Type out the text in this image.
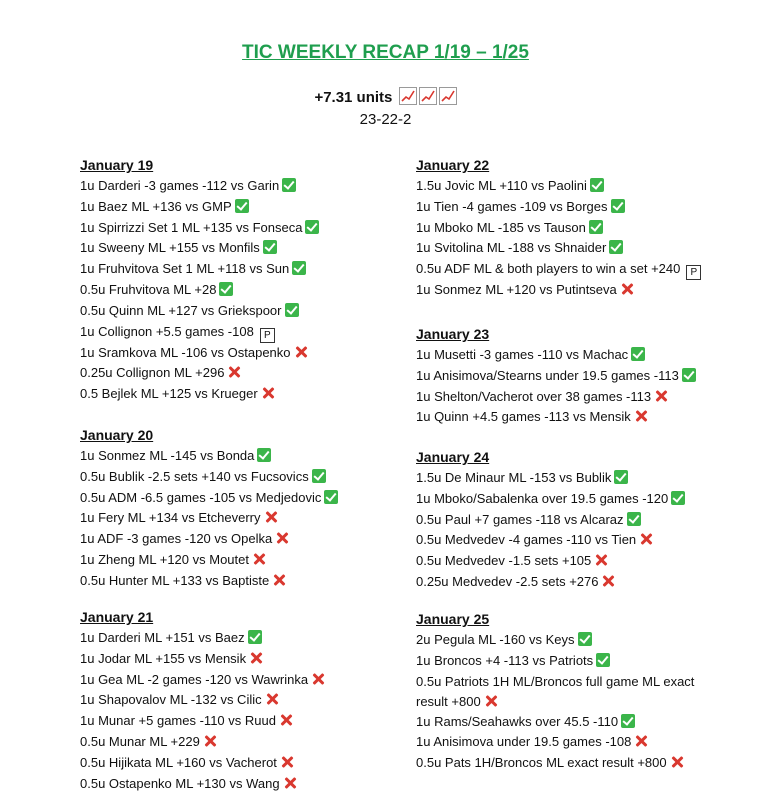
TIC WEEKLY RECAP 1/19 – 1/25
+7.31 units
23-22-2
January 19
1u Darderi -3 games -112 vs Garin
1u Baez ML +136 vs GMP
1u Spirrizzi Set 1 ML +135 vs Fonseca
1u Sweeny ML +155 vs Monfils
1u Fruhvitova Set 1 ML +118 vs Sun
0.5u Fruhvitova ML +28
0.5u Quinn ML +127 vs Griekspoor
1u Collignon +5.5 games -108 P
1u Sramkova ML -106 vs Ostapenko
0.25u Collignon ML +296
0.5 Bejlek ML +125 vs Krueger
January 20
1u Sonmez ML -145 vs Bonda
0.5u Bublik -2.5 sets +140 vs Fucsovics
0.5u ADM -6.5 games -105 vs Medjedovic
1u Fery ML +134 vs Etcheverry
1u ADF -3 games -120 vs Opelka
1u Zheng ML +120 vs Moutet
0.5u Hunter ML +133 vs Baptiste
January 21
1u Darderi ML +151 vs Baez
1u Jodar ML +155 vs Mensik
1u Gea ML -2 games -120 vs Wawrinka
1u Shapovalov ML -132 vs Cilic
1u Munar +5 games -110 vs Ruud
0.5u Munar ML +229
0.5u Hijikata ML +160 vs Vacherot
0.5u Ostapenko ML +130 vs Wang
January 22
1.5u Jovic ML +110 vs Paolini
1u Tien -4 games -109 vs Borges
1u Mboko ML -185 vs Tauson
1u Svitolina ML -188 vs Shnaider
0.5u ADF ML & both players to win a set +240 P
1u Sonmez ML +120 vs Putintseva
January 23
1u Musetti -3 games -110 vs Machac
1u Anisimova/Stearns under 19.5 games -113
1u Shelton/Vacherot over 38 games -113
1u Quinn +4.5 games -113 vs Mensik
January 24
1.5u De Minaur ML -153 vs Bublik
1u Mboko/Sabalenka over 19.5 games -120
0.5u Paul +7 games -118 vs Alcaraz
0.5u Medvedev -4 games -110 vs Tien
0.5u Medvedev -1.5 sets +105
0.25u Medvedev -2.5 sets +276
January 25
2u Pegula ML -160 vs Keys
1u Broncos +4 -113 vs Patriots
0.5u Patriots 1H ML/Broncos full game ML exact result +800
1u Rams/Seahawks over 45.5 -110
1u Anisimova under 19.5 games -108
0.5u Pats 1H/Broncos ML exact result +800
